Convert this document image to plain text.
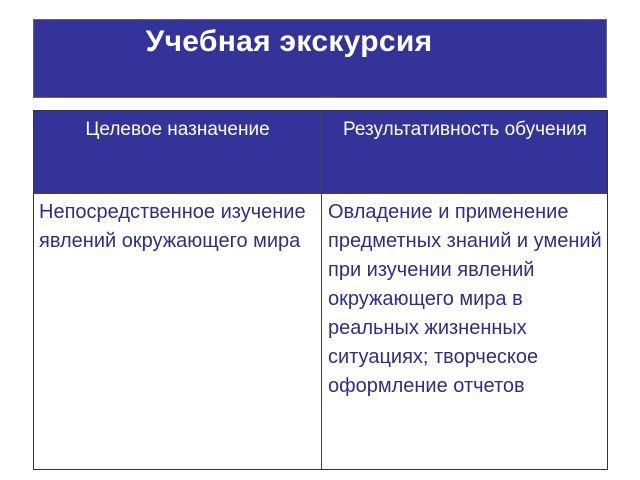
Учебная экскурсия
Целевое назначение	Результативность обучения
Непосредственное изучение явлений окружающего мира
Овладение и применение предметных знаний и умений при изучении явлений окружающего мира в реальных жизненных ситуациях; творческое оформление отчетов
